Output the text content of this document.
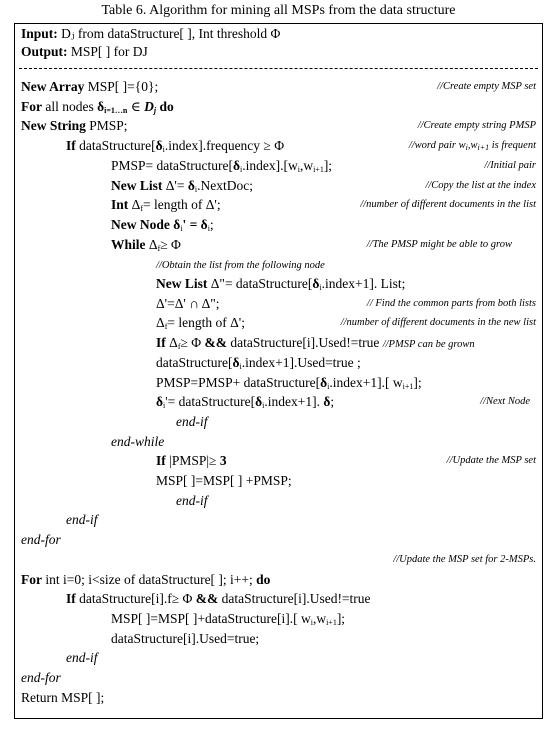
Table 6. Algorithm for mining all MSPs from the data structure
Input: Dⱼ from dataStructure[ ], Int threshold Φ
Output: MSP[ ] for DJ
New Array MSP[ ]={0};	//Create empty MSP set
For all nodes $\delta_{i=1\dots n}$ ∈ $D_j$ do
New String PMSP;	//Create empty string PMSP
If $dataStructure[\delta_i.index].frequency \ge \Phi$	//word pair $w_i,w_{i+1}$ is frequent
PMSP= $dataStructure[\delta_i.index].[w_i,w_{i+1}]$;	//Initial pair
New List $\Delta'= \delta_i.NextDoc$;	//Copy the list at the index
Int $\Delta_f=$ length of Δ';	//number of different documents in the list
New Node $\delta_i' = \delta_i$;
While $\Delta_f\ge \Phi$	//The PMSP might be able to grow
//Obtain the list from the following node
New List Δ"= $dataStructure[\delta_i.index+1]$. List;
Δ'=Δ' ∩ Δ";	// Find the common parts from both lists
$\Delta_f=$ length of Δ';	//number of different documents in the new list
If $\Delta_f\ge \Phi$ && dataStructure[i].Used!=true //PMSP can be grown
$dataStructure[\delta_i.index+1].Used=true$ ;
PMSP=PMSP+ $dataStructure[\delta_i.index+1]$.[ $w_{i+1}$];
$\delta_i'=$ $dataStructure[\delta_i.index+1]$. δ;	//Next Node
end-if
end-while
If |PMSP|≥ 3	//Update the MSP set
MSP[ ]=MSP[ ] +PMSP;
end-if
end-if
end-for
//Update the MSP set for 2-MSPs.
For int i=0; i<size of dataStructure[ ]; i++; do
If dataStructure[i].f≥ Φ && dataStructure[i].Used!=true
MSP[ ]=MSP[ ]+dataStructure[i].[ $w_i,w_{i+1}$];
dataStructure[i].Used=true;
end-if
end-for
Return MSP[ ];
